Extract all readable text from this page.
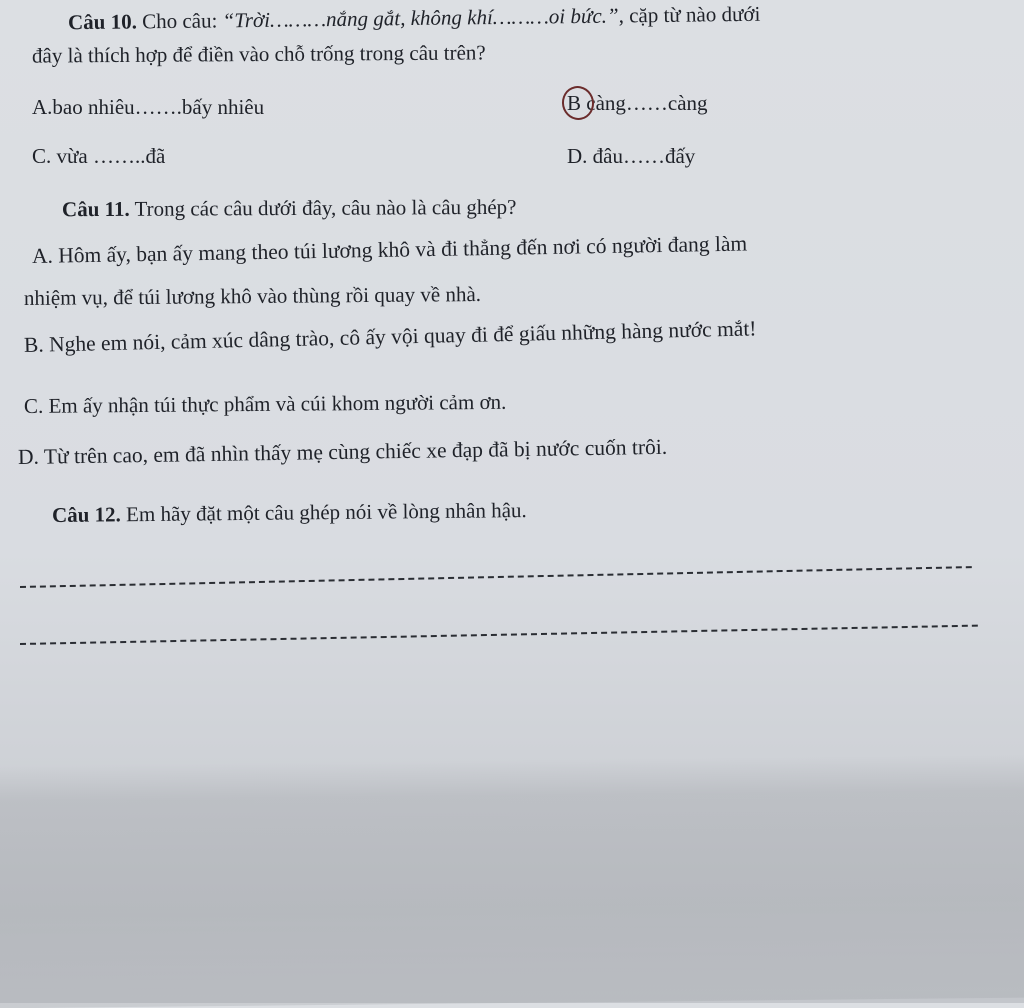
Câu 10. Cho câu: “Trời………nắng gắt, không khí………oi bức.”, cặp từ nào dưới
đây là thích hợp để điền vào chỗ trống trong câu trên?
A.bao nhiêu…….bấy nhiêu	B càng……càng
C. vừa ……..đã	D. đâu……đấy
Câu 11. Trong các câu dưới đây, câu nào là câu ghép?
A. Hôm ấy, bạn ấy mang theo túi lương khô và đi thẳng đến nơi có người đang làm
nhiệm vụ, để túi lương khô vào thùng rồi quay về nhà.
B. Nghe em nói, cảm xúc dâng trào, cô ấy vội quay đi để giấu những hàng nước mắt!
C. Em ấy nhận túi thực phẩm và cúi khom người cảm ơn.
D. Từ trên cao, em đã nhìn thấy mẹ cùng chiếc xe đạp đã bị nước cuốn trôi.
Câu 12. Em hãy đặt một câu ghép nói về lòng nhân hậu.
